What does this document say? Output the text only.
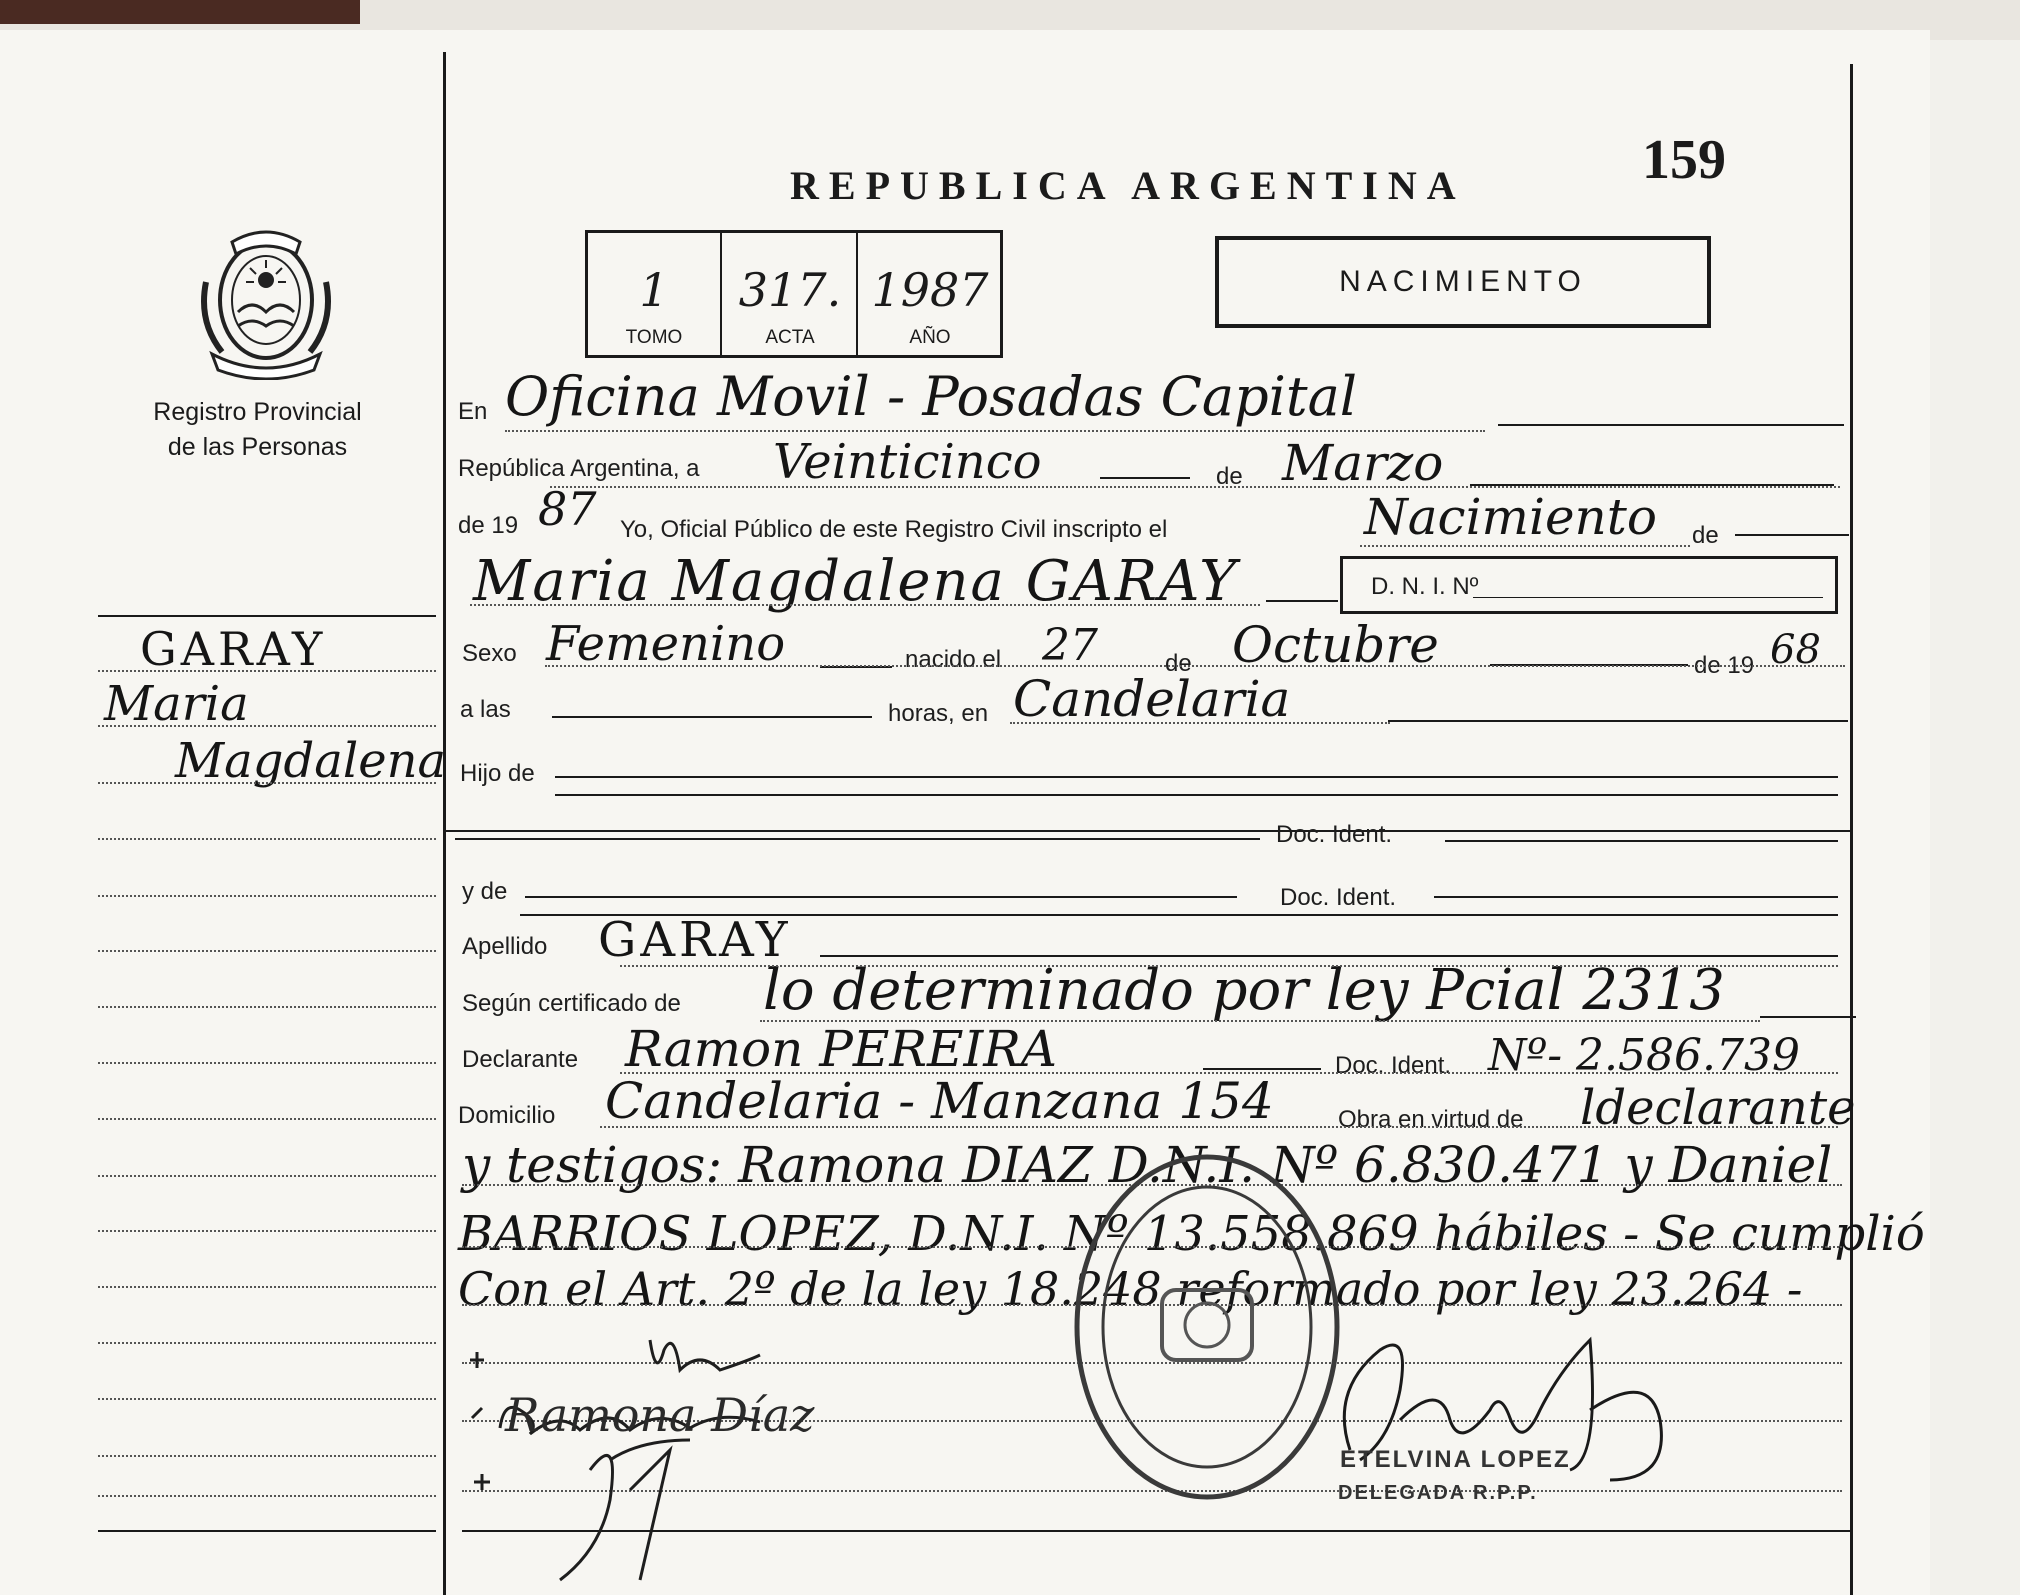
REPUBLICA ARGENTINA	159
NACIMIENTO
1
TOMO
317.
ACTA
1987
AÑO
Registro Provincial
de las Personas
GARAY
Maria
Magdalena
En Oficina Movil - Posadas Capital
República Argentina, a Veinticinco	de Marzo
de 19 87 Yo, Oficial Público de este Registro Civil inscripto el	Nacimiento de
Maria Magdalena GARAY	D. N. I. Nº
Sexo Femenino	nacido el 27	de Octubre	de 19 68
a las	horas, en Candelaria
Hijo de
Doc. Ident.
y de	Doc. Ident.
Apellido GARAY
Según certificado de lo determinado por ley Pcial 2313
Declarante Ramon PEREIRA	Doc. Ident. Nº- 2.586.739
Domicilio Candelaria - Manzana 154	Obra en virtud de ldeclarante
y testigos: Ramona DIAZ D.N.I. Nº 6.830.471 y Daniel
BARRIOS LOPEZ, D.N.I. Nº 13.558.869 hábiles - Se cumplió
Con el Art. 2º de la ley 18.248 reformado por ley 23.264 -
Ramona Díaz
ETELVINA LOPEZ
DELEGADA R.P.P.
